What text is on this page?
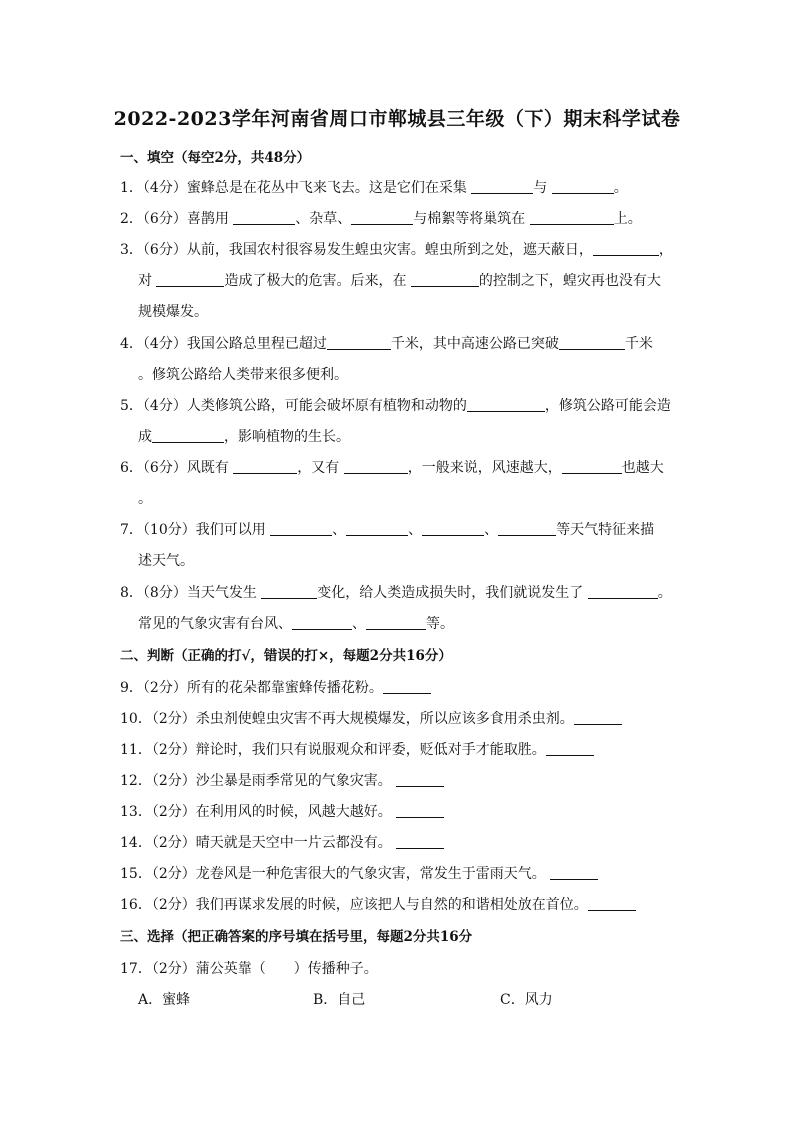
2022-2023学年河南省周口市郸城县三年级（下）期末科学试卷
一、填空（每空2分，共48分）
1．（4分）蜜蜂总是在花丛中飞来飞去。这是它们在采集	与	。
2．（6分）喜鹊用	、杂草、	与棉絮等将巢筑在	上。
3．（6分）从前，我国农村很容易发生蝗虫灾害。蝗虫所到之处，遮天蔽日，	，
对	造成了极大的危害。后来，在	的控制之下，蝗灾再也没有大
规模爆发。
4．（4分）我国公路总里程已超过	千米，其中高速公路已突破	千米
。修筑公路给人类带来很多便利。
5．（4分）人类修筑公路，可能会破坏原有植物和动物的	，修筑公路可能会造
成	，影响植物的生长。
6．（6分）风既有	，又有	，一般来说，风速越大，	也越大
。
7．（10分）我们可以用	、	、	、	等天气特征来描
述天气。
8．（8分）当天气发生	变化，给人类造成损失时，我们就说发生了	。
常见的气象灾害有台风、	、	等。
二、判断（正确的打√，错误的打×，每题2分共16分）
9．（2分）所有的花朵都靠蜜蜂传播花粉。
10．（2分）杀虫剂使蝗虫灾害不再大规模爆发，所以应该多食用杀虫剂。
11．（2分）辩论时，我们只有说服观众和评委，贬低对手才能取胜。
12．（2分）沙尘暴是雨季常见的气象灾害。
13．（2分）在利用风的时候，风越大越好。
14．（2分）晴天就是天空中一片云都没有。
15．（2分）龙卷风是一种危害很大的气象灾害，常发生于雷雨天气。
16．（2分）我们再谋求发展的时候，应该把人与自然的和谐相处放在首位。
三、选择（把正确答案的序号填在括号里，每题2分共16分
17．（2分）蒲公英靠（　　）传播种子。
A．蜜蜂	B．自己	C．风力
